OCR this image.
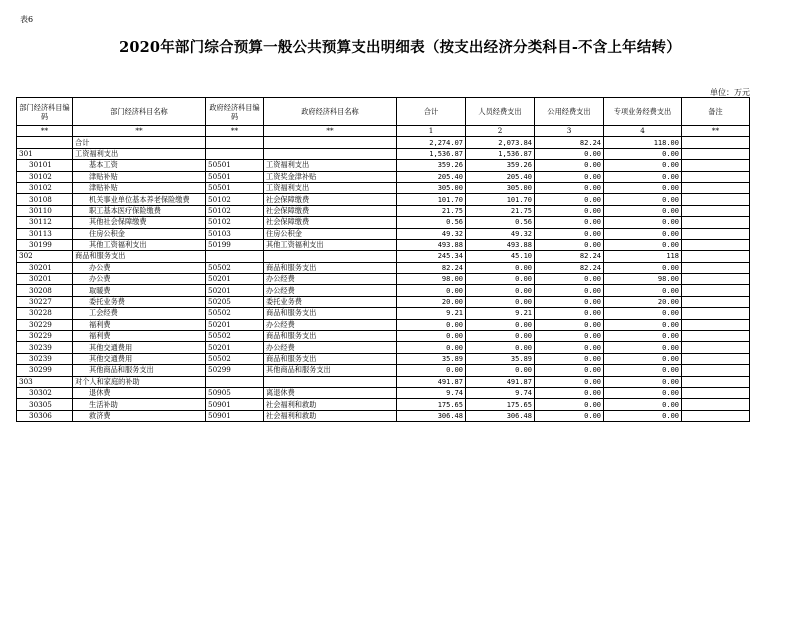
表6
2020年部门综合预算一般公共预算支出明细表（按支出经济分类科目-不含上年结转）
单位：万元
部门经济科目编码	部门经济科目名称	政府经济科目编码	政府经济科目名称	合计	人员经费支出	公用经费支出	专项业务经费支出	备注
**	**	**	**	1	2	3	4	**
	合计			2,274.07	2,073.84	82.24	118.00	
301	工资福利支出			1,536.87	1,536.87	0.00	0.00	
30101	基本工资	50501	工资福利支出	359.26	359.26	0.00	0.00	
30102	津贴补贴	50501	工资奖金津补贴	205.40	205.40	0.00	0.00	
30102	津贴补贴	50501	工资福利支出	305.00	305.00	0.00	0.00	
30108	机关事业单位基本养老保险缴费	50102	社会保障缴费	101.70	101.70	0.00	0.00	
30110	职工基本医疗保险缴费	50102	社会保障缴费	21.75	21.75	0.00	0.00	
30112	其他社会保障缴费	50102	社会保障缴费	0.56	0.56	0.00	0.00	
30113	住房公积金	50103	住房公积金	49.32	49.32	0.00	0.00	
30199	其他工资福利支出	50199	其他工资福利支出	493.88	493.88	0.00	0.00	
302	商品和服务支出			245.34	45.10	82.24	118	
30201	办公费	50502	商品和服务支出	82.24	0.00	82.24	0.00	
30201	办公费	50201	办公经费	98.00	0.00	0.00	98.00	
30208	取暖费	50201	办公经费	0.00	0.00	0.00	0.00	
30227	委托业务费	50205	委托业务费	20.00	0.00	0.00	20.00	
30228	工会经费	50502	商品和服务支出	9.21	9.21	0.00	0.00	
30229	福利费	50201	办公经费	0.00	0.00	0.00	0.00	
30229	福利费	50502	商品和服务支出	0.00	0.00	0.00	0.00	
30239	其他交通费用	50201	办公经费	0.00	0.00	0.00	0.00	
30239	其他交通费用	50502	商品和服务支出	35.89	35.89	0.00	0.00	
30299	其他商品和服务支出	50299	其他商品和服务支出	0.00	0.00	0.00	0.00	
303	对个人和家庭的补助			491.87	491.87	0.00	0.00	
30302	退休费	50905	离退休费	9.74	9.74	0.00	0.00	
30305	生活补助	50901	社会福利和救助	175.65	175.65	0.00	0.00	
30306	救济费	50901	社会福利和救助	306.48	306.48	0.00	0.00	
